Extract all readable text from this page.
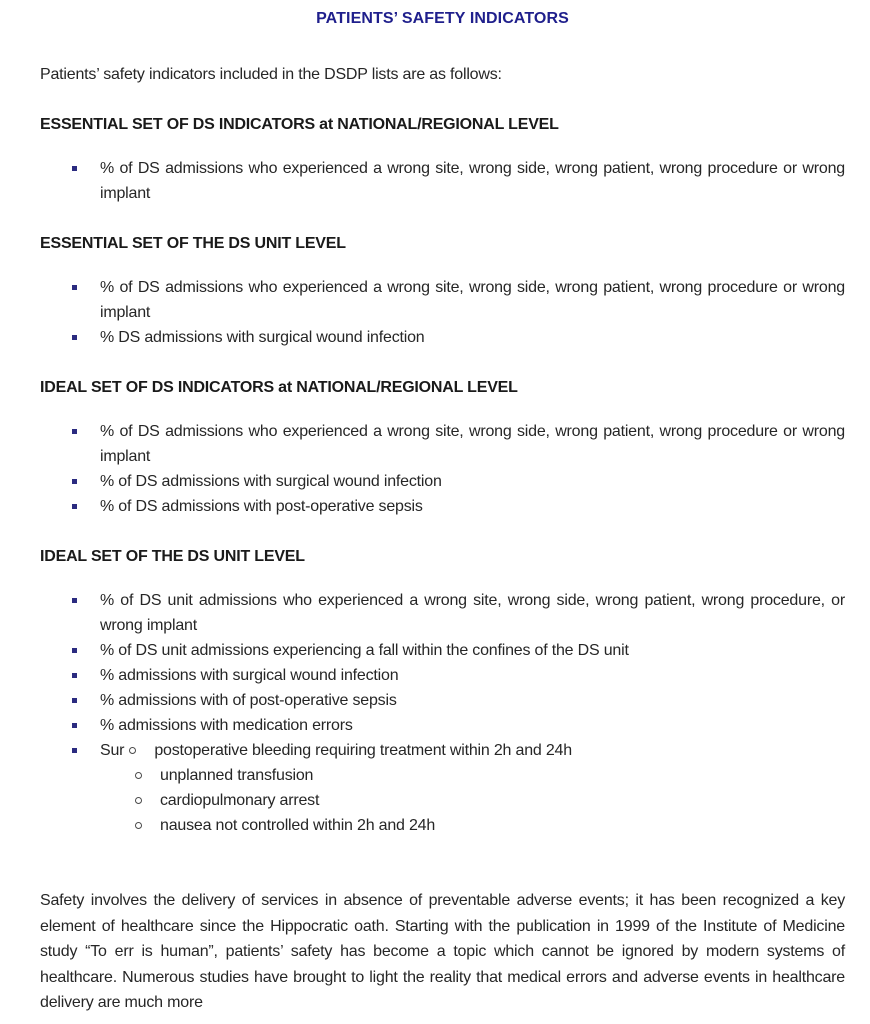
PATIENTS’ SAFETY INDICATORS

Patients’ safety indicators included in the DSDP lists are as follows:

ESSENTIAL SET OF DS INDICATORS at NATIONAL/REGIONAL LEVEL
% of DS admissions who experienced a wrong site, wrong side, wrong patient, wrong procedure or wrong implant
ESSENTIAL SET OF THE DS UNIT LEVEL
% of DS admissions who experienced a wrong site, wrong side, wrong patient, wrong procedure or wrong implant
% DS admissions with surgical wound infection
IDEAL SET OF DS INDICATORS at NATIONAL/REGIONAL LEVEL
% of DS admissions who experienced a wrong site, wrong side, wrong patient, wrong procedure or wrong implant
% of DS admissions with surgical wound infection
% of DS admissions with post-operative sepsis
IDEAL SET OF THE DS UNIT LEVEL
% of DS unit admissions who experienced a wrong site, wrong side, wrong patient, wrong procedure, or wrong implant
% of DS unit admissions experiencing a fall within the confines of the DS unit
% admissions with surgical wound infection
% admissions with of post-operative sepsis
% admissions with medication errors
Sur postoperative bleeding requiring treatment within 2h and 24h
unplanned transfusion
cardiopulmonary arrest
nausea not controlled within 2h and 24h

Safety involves the delivery of services in absence of preventable adverse events; it has been recognized a key element of healthcare since the Hippocratic oath. Starting with the publication in 1999 of the Institute of Medicine study “To err is human”, patients’ safety has become a topic which cannot be ignored by modern systems of healthcare. Numerous studies have brought to light the reality that medical errors and adverse events in healthcare delivery are much more
